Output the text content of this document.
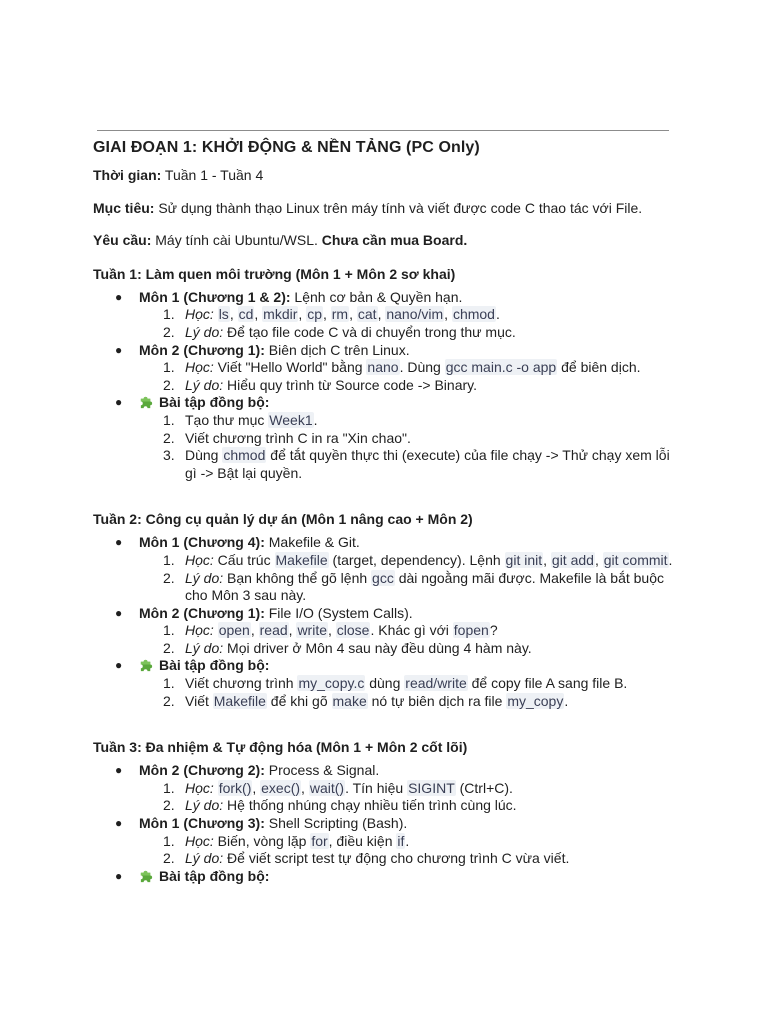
GIAI ĐOẠN 1: KHỞI ĐỘNG & NỀN TẢNG (PC Only)

Thời gian: Tuần 1 - Tuần 4

Mục tiêu: Sử dụng thành thạo Linux trên máy tính và viết được code C thao tác với File.

Yêu cầu: Máy tính cài Ubuntu/WSL. Chưa cần mua Board.

Tuần 1: Làm quen môi trường (Môn 1 + Môn 2 sơ khai)
● Môn 1 (Chương 1 & 2): Lệnh cơ bản & Quyền hạn.
1. Học: ls, cd, mkdir, cp, rm, cat, nano/vim, chmod.
2. Lý do: Để tạo file code C và di chuyển trong thư mục.
● Môn 2 (Chương 1): Biên dịch C trên Linux.
1. Học: Viết "Hello World" bằng nano. Dùng gcc main.c -o app để biên dịch.
2. Lý do: Hiểu quy trình từ Source code -> Binary.
●	Bài tập đồng bộ:
1. Tạo thư mục Week1.
2. Viết chương trình C in ra "Xin chao".
3. Dùng chmod để tắt quyền thực thi (execute) của file chạy -> Thử chạy xem lỗi gì -> Bật lại quyền.
Tuần 2: Công cụ quản lý dự án (Môn 1 nâng cao + Môn 2)
● Môn 1 (Chương 4): Makefile & Git.
1. Học: Cấu trúc Makefile (target, dependency). Lệnh git init, git add, git commit.
2. Lý do: Bạn không thể gõ lệnh gcc dài ngoằng mãi được. Makefile là bắt buộc cho Môn 3 sau này.
● Môn 2 (Chương 1): File I/O (System Calls).
1. Học: open, read, write, close. Khác gì với fopen?
2. Lý do: Mọi driver ở Môn 4 sau này đều dùng 4 hàm này.
●	Bài tập đồng bộ:
1. Viết chương trình my_copy.c dùng read/write để copy file A sang file B.
2. Viết Makefile để khi gõ make nó tự biên dịch ra file my_copy.
Tuần 3: Đa nhiệm & Tự động hóa (Môn 1 + Môn 2 cốt lõi)
● Môn 2 (Chương 2): Process & Signal.
1. Học: fork(), exec(), wait(). Tín hiệu SIGINT (Ctrl+C).
2. Lý do: Hệ thống nhúng chạy nhiều tiến trình cùng lúc.
● Môn 1 (Chương 3): Shell Scripting (Bash).
1. Học: Biến, vòng lặp for, điều kiện if.
2. Lý do: Để viết script test tự động cho chương trình C vừa viết.
●	Bài tập đồng bộ:
